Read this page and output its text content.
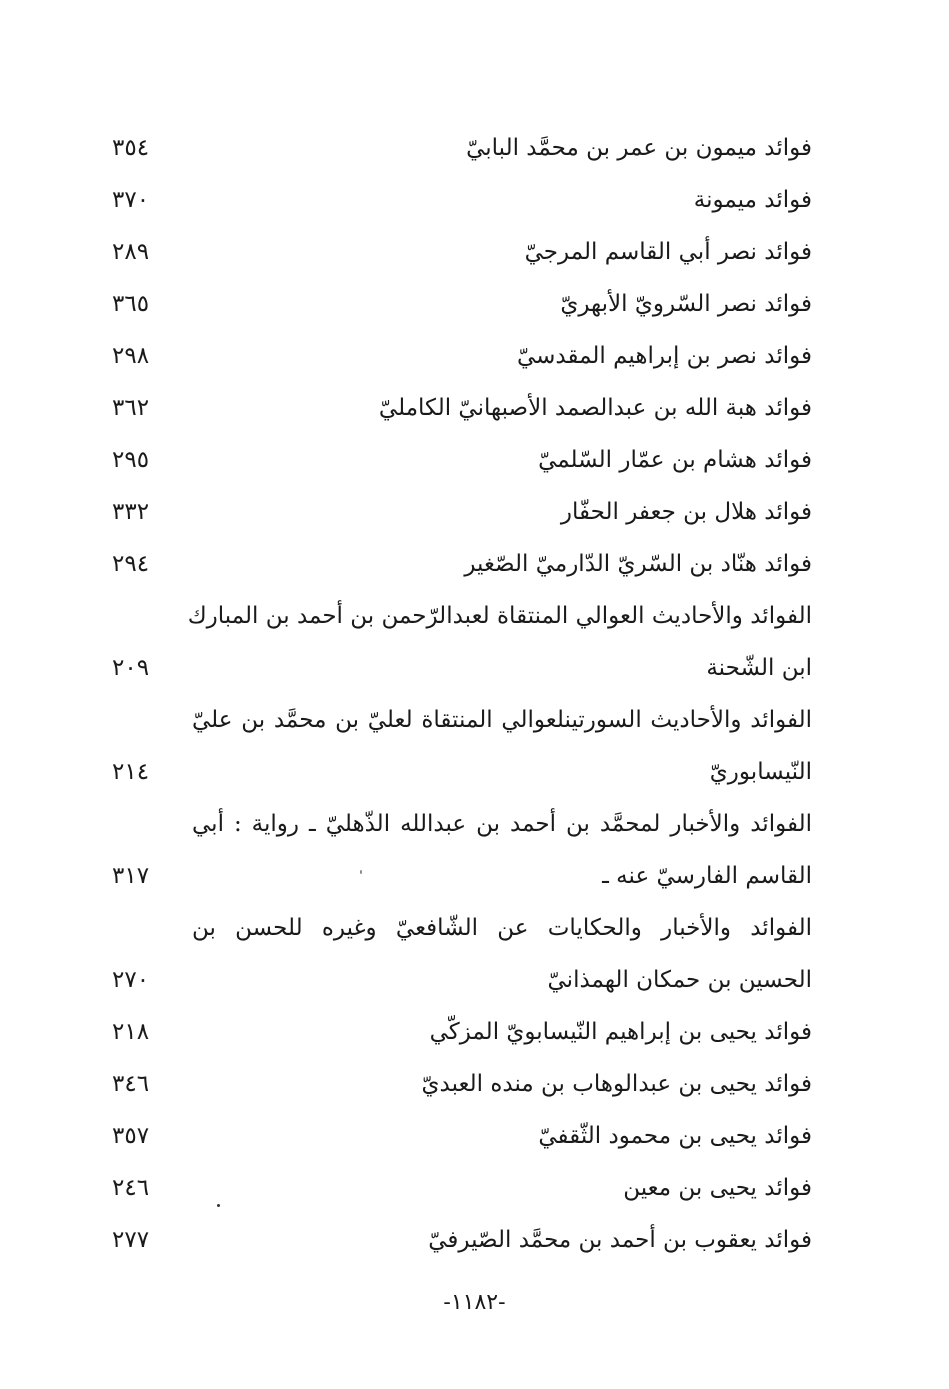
فوائد ميمون بن عمر بن محمَّد البابيّ
٣٥٤
فوائد ميمونة
٣٧٠
فوائد نصر أبي القاسم المرجيّ
٢٨٩
فوائد نصر السّرويّ الأبهريّ
٣٦٥
فوائد نصر بن إبراهيم المقدسيّ
٢٩٨
فوائد هبة الله بن عبدالصمد الأصبهانيّ الكامليّ
٣٦٢
فوائد هشام بن عمّار السّلميّ
٢٩٥
فوائد هلال بن جعفر الحفّار
٣٣٢
فوائد هنّاد بن السّريّ الدّارميّ الصّغير
٢٩٤
الفوائد والأحاديث العوالي المنتقاة لعبدالرّحمن بن أحمد بن المبارك
ابن الشّحنة
٢٠٩
الفوائد والأحاديث السورتينلعوالي المنتقاة لعليّ بن محمَّد بن عليّ
النّيسابوريّ
٢١٤
الفوائد والأخبار لمحمَّد بن أحمد بن عبدالله الذّهليّ ـ رواية : أبي
القاسم الفارسيّ عنه ـ
٣١٧
الفوائد والأخبار والحكايات عن الشّافعيّ وغيره للحسن بن
الحسين بن حمكان الهمذانيّ
٢٧٠
فوائد يحيى بن إبراهيم النّيسابويّ المزكّي
٢١٨
فوائد يحيى بن عبدالوهاب بن منده العبديّ
٣٤٦
فوائد يحيى بن محمود الثّقفيّ
٣٥٧
فوائد يحيى بن معين
٢٤٦
فوائد يعقوب بن أحمد بن محمَّد الصّيرفيّ
٢٧٧
-١١٨٢-
